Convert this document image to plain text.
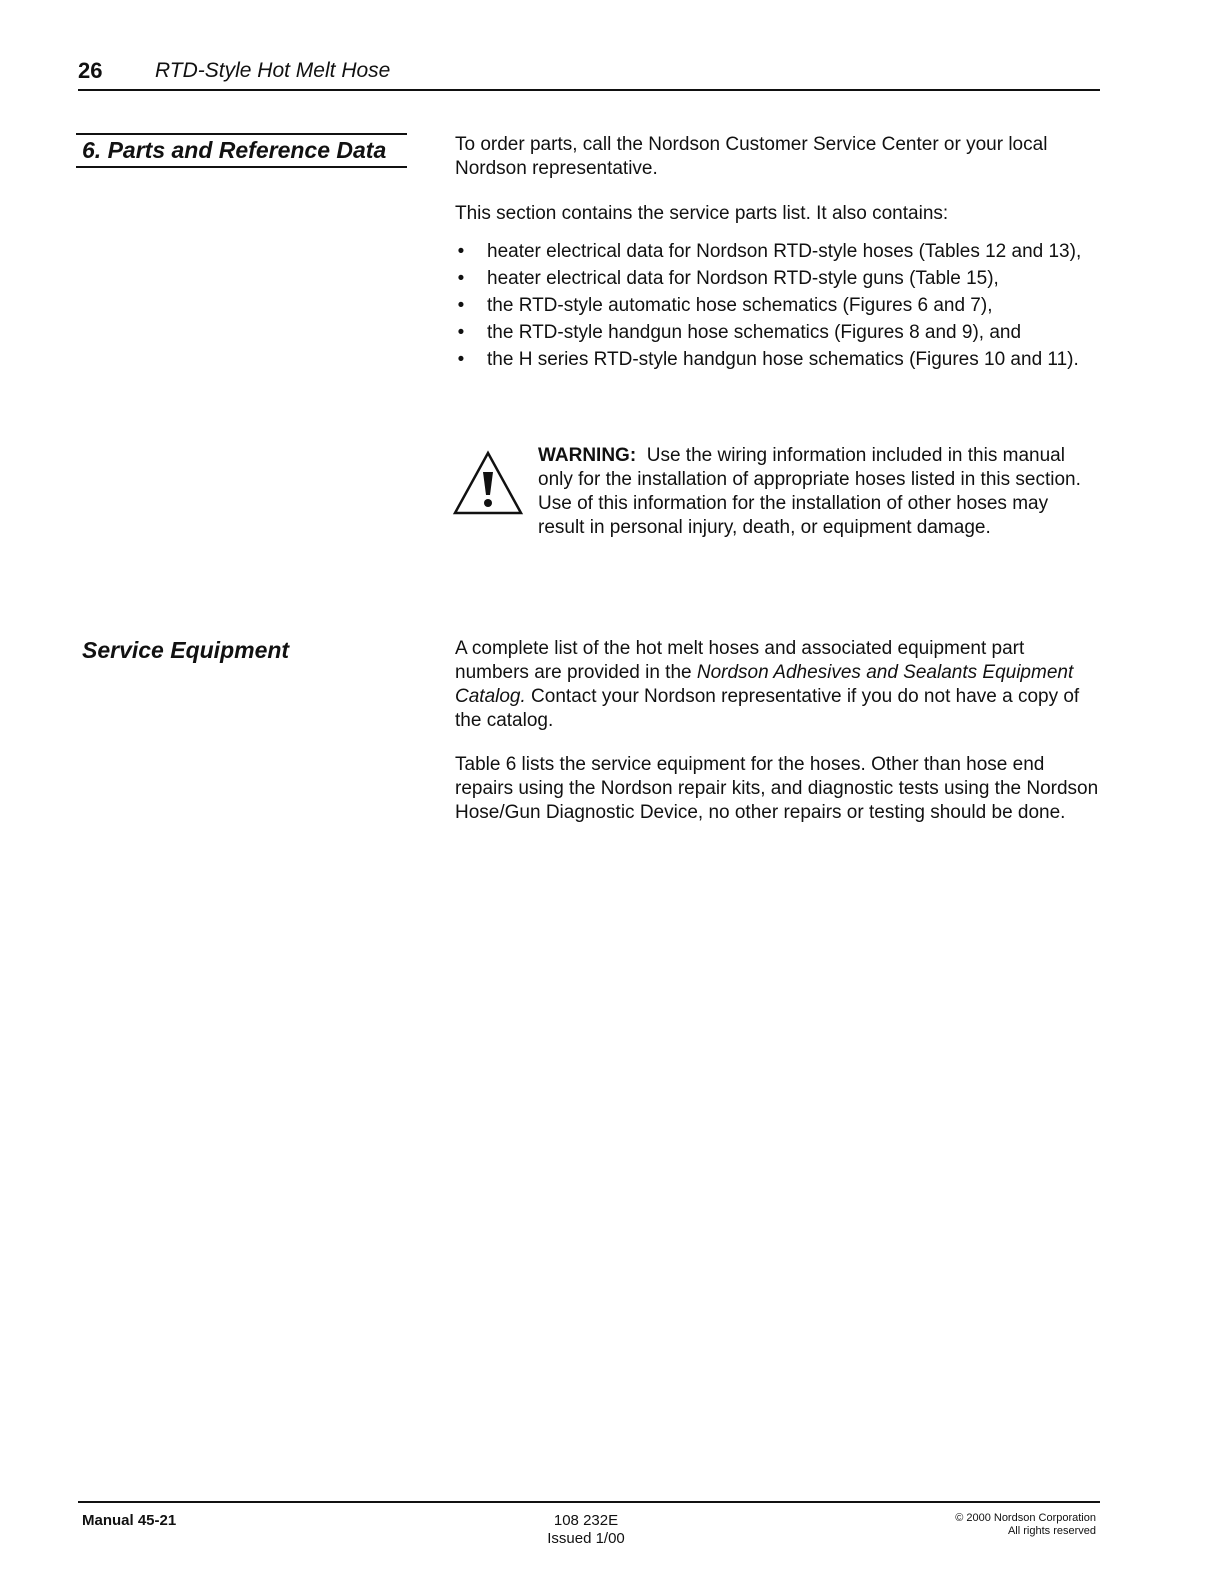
26	RTD-Style Hot Melt Hose
6. Parts and Reference Data	To order parts, call the Nordson Customer Service Center or your local Nordson representative.
This section contains the service parts list. It also contains:
• heater electrical data for Nordson RTD-style hoses (Tables 12 and 13),
• heater electrical data for Nordson RTD-style guns (Table 15),
• the RTD-style automatic hose schematics (Figures 6 and 7),
• the RTD-style handgun hose schematics (Figures 8 and 9), and
• the H series RTD-style handgun hose schematics (Figures 10 and 11).
WARNING: Use the wiring information included in this manual only for the installation of appropriate hoses listed in this section. Use of this information for the installation of other hoses may result in personal injury, death, or equipment damage.
Service Equipment	A complete list of the hot melt hoses and associated equipment part numbers are provided in the Nordson Adhesives and Sealants Equipment Catalog. Contact your Nordson representative if you do not have a copy of the catalog.
Table 6 lists the service equipment for the hoses. Other than hose end repairs using the Nordson repair kits, and diagnostic tests using the Nordson Hose/Gun Diagnostic Device, no other repairs or testing should be done.
Manual 45-21	108 232E
Issued 1/00
© 2000 Nordson Corporation
All rights reserved
